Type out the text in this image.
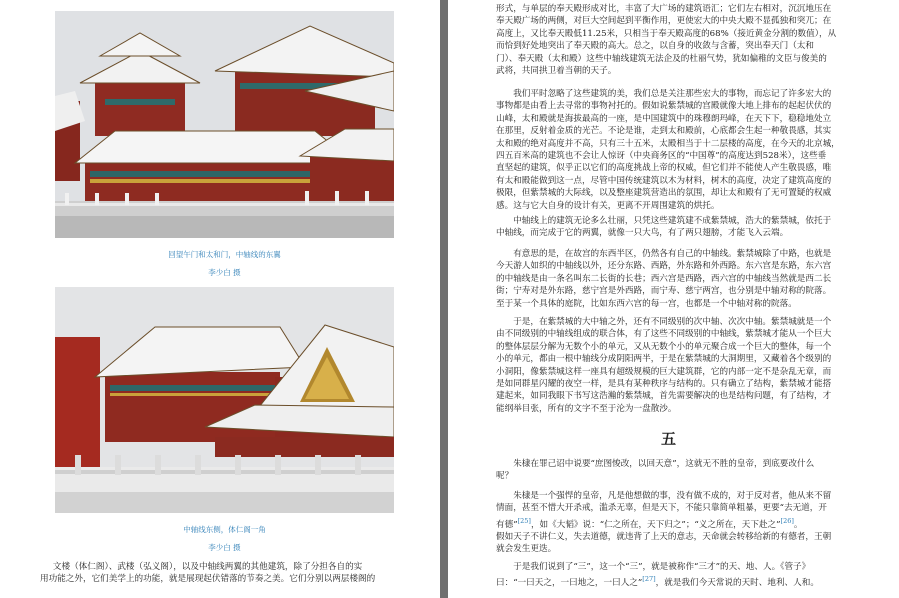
回望午门和太和门，中轴线的东翼
李少白 摄
中轴线东侧，体仁阁一角
李少白 摄

文楼（体仁阁）、武楼（弘义阁），以及中轴线两翼的其他建筑，除了分担各自的实
用功能之外，它们美学上的功能，就是展现起伏错落的节奏之美。它们分别以两层楼阁的

形式，与单层的奉天殿形成对比，丰富了大广场的建筑语汇；它们左右相对，沉沉地压在
奉天殿广场的两侧，对巨大空间起到平衡作用，更使宏大的中央大殿不显孤独和突兀；在
高度上，又比奉天殿低11.25米，只相当于奉天殿高度的68%（接近黄金分割的数值），从
而恰到好处地突出了奉天殿的高大。总之，以自身的收敛与含蓄，突出奉天门（太和
门）、奉天殿（太和殿）这些中轴线建筑无法企及的杜丽气势，犹如偏稚的文臣与俊美的
武将，共同拱卫着当朝的天子。

我们平时忽略了这些建筑的美，我们总是关注那些宏大的事物，而忘记了许多宏大的
事物都是由看上去寻常的事物衬托的。假如说紫禁城的宫殿就像大地上排布的起起伏伏的
山峰，太和殿就是海拔最高的一座，是中国建筑中的珠穆朗玛峰，在天下下，稳稳地处立
在那里，反射着金质的光芒。不论是谁，走到太和殿前，心底都会生起一种敬畏感，其实
太和殿的绝对高度并不高，只有三十五米，太殿相当于十二层楼的高度，在今天的北京城，
四五百米高的建筑也不会让人惊讶（中央商务区的“中国尊”的高度达到528米），这些垂
直坚起的建筑，似乎正以它们的高度挑战上帝的权威，但它们并不能使人产生敬畏感，唯
有太和殿能做到这一点，尽管中国传统建筑以木为材料，树木的高度，决定了建筑高度的
极限，但紫禁城的大际线，以及整座建筑营造出的氛围，却让太和殿有了无可置疑的权威
感。这与它大自身的设计有关，更离不开周围建筑的烘托。

中轴线上的建筑无论多么壮丽，只凭这些建筑建不成紫禁城，浩大的紫禁城，依托于
中轴线，而完成于它的两翼，就像一只大鸟，有了两只翅膀，才能飞入云端。

有意思的是，在故宫的东西半区，仍然各有自己的中轴线。紫禁城除了中路，也就是
今天游人如织的中轴线以外，还分东路、西路，外东路和外西路。东六宫是东路，东六宫
的中轴线是由一条名叫东二长街的长巷；西六宫是西路，西六宫的中轴线当然就是西二长
街；宁寿对是外东路，慈宁宫是外西路，而宁寿、慈宁两宫，也分别是中轴对称的院落。
至于某一个具体的庭院，比如东西六宫的每一宫，也都是一个中轴对称的院落。

于是，在紫禁城的大中轴之外，还有不同级别的次中轴、次次中轴。紫禁城就是一个
由不同级别的中轴线组成的联合体，有了这些不同级别的中轴线，紫禁城才能从一个巨大
的整体层层分解为无数个小的单元，又从无数个小的单元聚合成一个巨大的整体，每一个
小的单元，都由一根中轴线分成阴阳两半，于是在紫禁城的大洞期里，又藏着各个级别的
小洞阳，像紫禁城这样一座具有超级规模的巨大建筑群，它的内部一定不是杂乱无章，而
是如同群星闪耀的夜空一样，是具有某种秩序与结构的。只有确立了结构，紫禁城才能搭
建起来，如同我眼下书写这浩瀚的紫禁城，首先需要解决的也是结构问题，有了结构，才
能纲举目张，所有的文字不至于沦为一盘散沙。

五

朱棣在罪己诏中说要“庶图悛改，以回天意”，这就无不胜的皇帝，到底要改什么
呢？

朱棣是一个强悍的皇帝，凡是他想做的事，没有做不成的，对于反对者，他从来不留
情面，甚至不惜大开杀戒，滥杀无辜，但是天下，不能只靠简单粗暴，更要“去无道，开
有德”[25]，如《大韬》说：“仁之所在，天下归之”；“义之所在，天下赴之”[26]。
假如天子不讲仁义，失去道德，就违背了上天的意志，天命就会转移给新的有德者，王朝
就会发生更迭。

于是我们说到了“三”，这一个“三”，就是被称作“三才”的天、地、人。《管子》
曰：“一曰天之，一曰地之，一曰人之”[27]，就是我们今天常说的天时、地利、人和。
